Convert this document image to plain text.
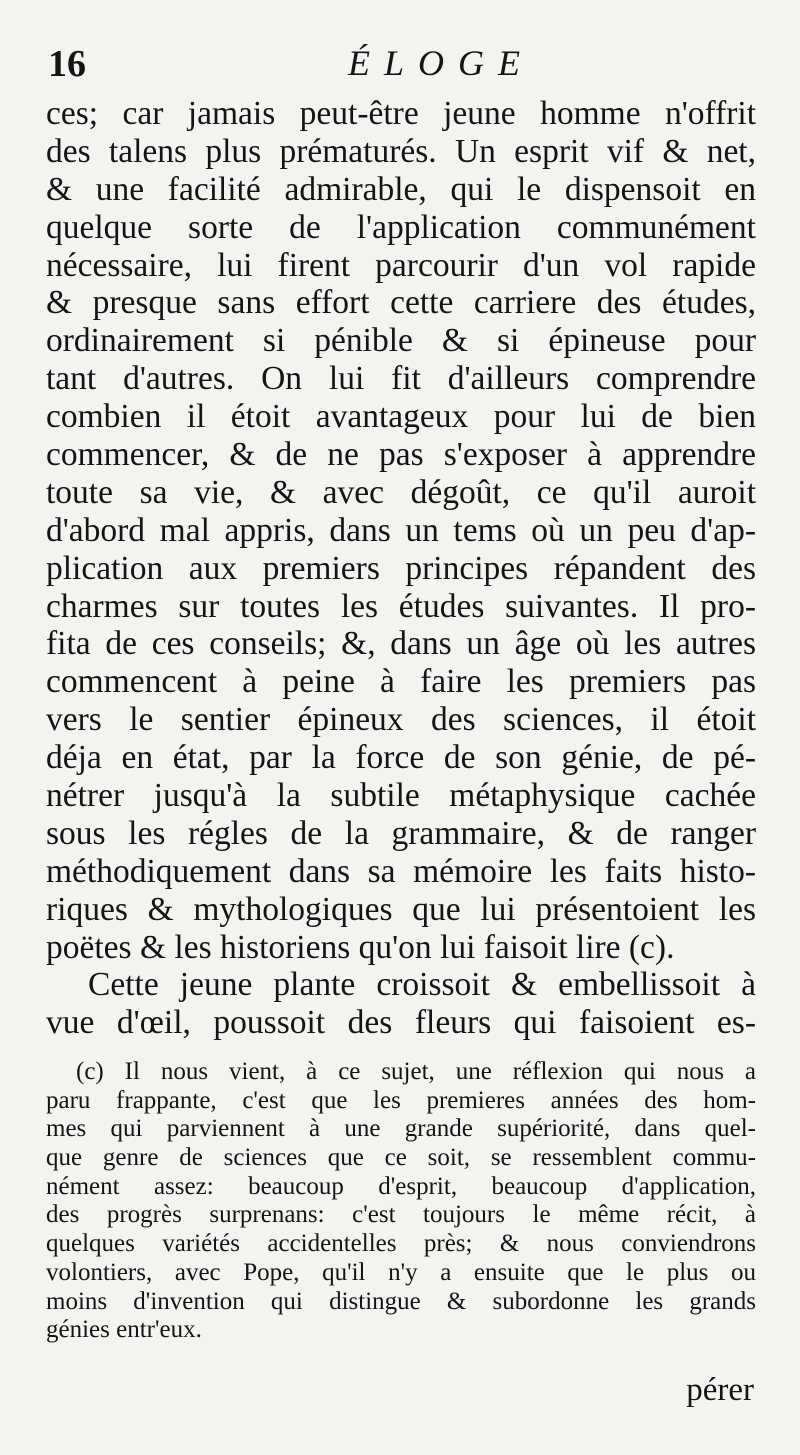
16	ÉLOGE
ces; car jamais peut-être jeune homme n'offrit
des talens plus prématurés. Un esprit vif & net,
& une facilité admirable, qui le dispensoit en
quelque sorte de l'application communément
nécessaire, lui firent parcourir d'un vol rapide
& presque sans effort cette carriere des études,
ordinairement si pénible & si épineuse pour
tant d'autres. On lui fit d'ailleurs comprendre
combien il étoit avantageux pour lui de bien
commencer, & de ne pas s'exposer à apprendre
toute sa vie, & avec dégoût, ce qu'il auroit
d'abord mal appris, dans un tems où un peu d'ap-
plication aux premiers principes répandent des
charmes sur toutes les études suivantes. Il pro-
fita de ces conseils; &, dans un âge où les autres
commencent à peine à faire les premiers pas
vers le sentier épineux des sciences, il étoit
déja en état, par la force de son génie, de pé-
nétrer jusqu'à la subtile métaphysique cachée
sous les régles de la grammaire, & de ranger
méthodiquement dans sa mémoire les faits histo-
riques & mythologiques que lui présentoient les
poëtes & les historiens qu'on lui faisoit lire (c).
Cette jeune plante croissoit & embellissoit à
vue d'œil, poussoit des fleurs qui faisoient es-
(c) Il nous vient, à ce sujet, une réflexion qui nous a
paru frappante, c'est que les premieres années des hom-
mes qui parviennent à une grande supériorité, dans quel-
que genre de sciences que ce soit, se ressemblent commu-
nément assez: beaucoup d'esprit, beaucoup d'application,
des progrès surprenans: c'est toujours le même récit, à
quelques variétés accidentelles près; & nous conviendrons
volontiers, avec Pope, qu'il n'y a ensuite que le plus ou
moins d'invention qui distingue & subordonne les grands
génies entr'eux.
pérer
